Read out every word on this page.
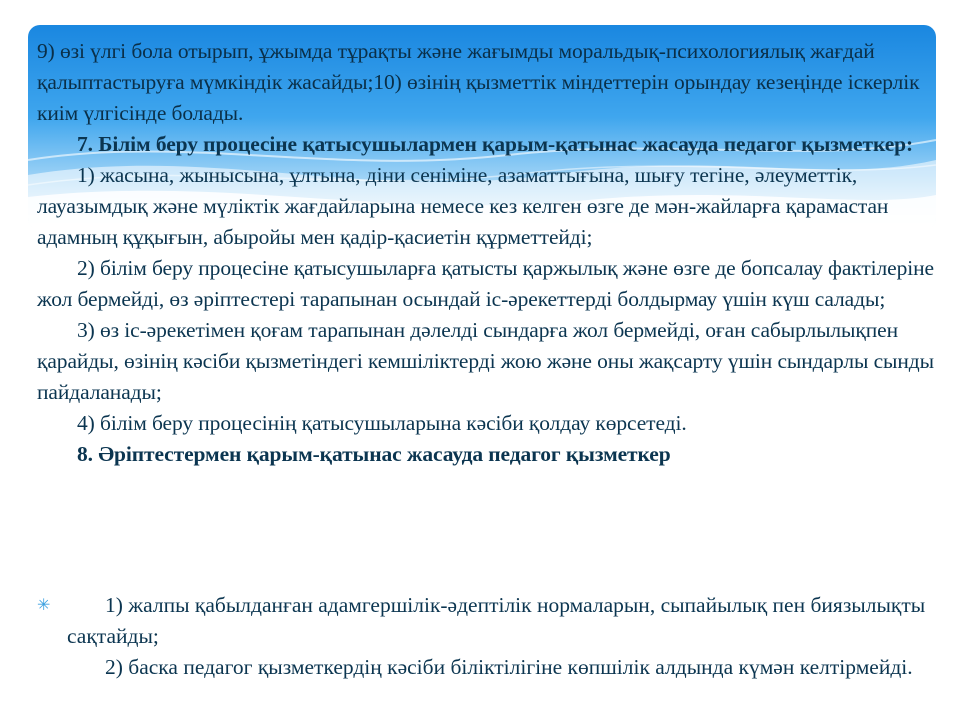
9) өзі үлгі бола отырып, ұжымда тұрақты және жағымды моральдық-психологиялық жағдай қалыптастыруға мүмкіндік жасайды;10) өзінің қызметтік міндеттерін орындау кезеңінде іскерлік киім үлгісінде болады.

7. Білім беру процесіне қатысушылармен қарым-қатынас жасауда педагог қызметкер:

1) жасына, жынысына, ұлтына, діни сеніміне, азаматтығына, шығу тегіне, әлеуметтік, лауазымдық және мүліктік жағдайларына немесе кез келген өзге де мән-жайларға қарамастан адамның құқығын, абыройы мен қадір-қасиетін құрметтейді;

2) білім беру процесіне қатысушыларға қатысты қаржылық және өзге де бопсалау фактілеріне жол бермейді, өз әріптестері тарапынан осындай іс-әрекеттерді болдырмау үшін күш салады;

3) өз іс-әрекетімен қоғам тарапынан дәлелді сындарға жол бермейді, оған сабырлылықпен қарайды, өзінің кәсіби қызметіндегі кемшіліктерді жою және оны жақсарту үшін сындарлы сынды пайдаланады;

4) білім беру процесінің қатысушыларына кәсіби қолдау көрсетеді.

8. Әріптестермен қарым-қатынас жасауда педагог қызметкер

✳	1) жалпы қабылданған адамгершілік-әдептілік нормаларын, сыпайылық пен биязылықты сақтайды;

2) баска педагог қызметкердің кәсіби біліктілігіне көпшілік алдында күмән келтірмейді.
